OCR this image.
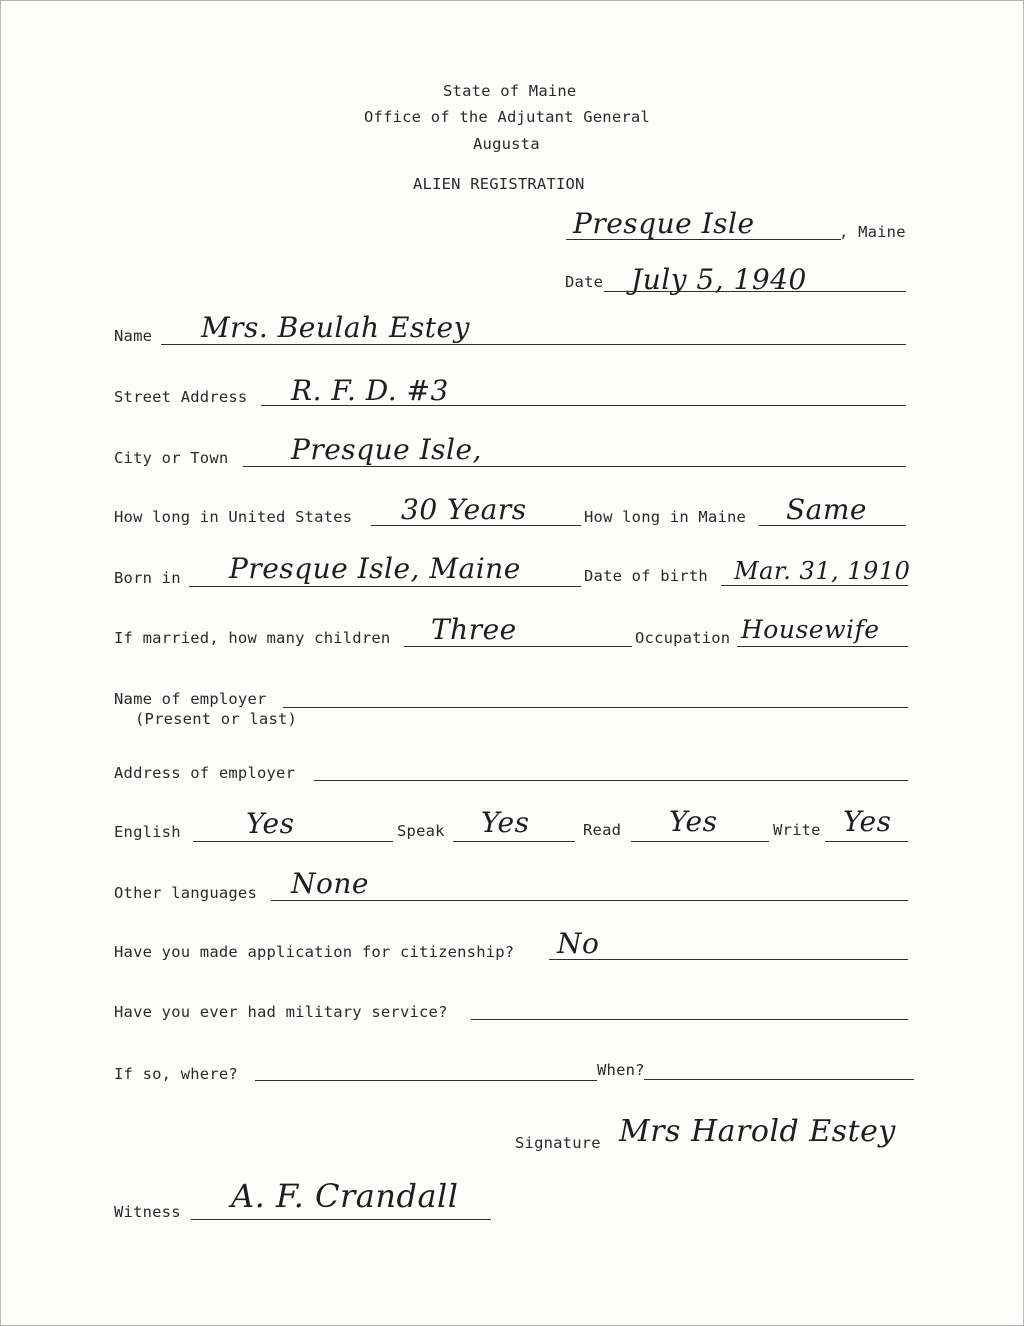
State of Maine
Office of the Adjutant General
Augusta
ALIEN REGISTRATION
Presque Isle	, Maine
Date July 5, 1940
Name Mrs. Beulah Estey
Street Address R. F. D. #3
City or Town Presque Isle,
How long in United States 30 Years	How long in Maine Same
Born in Presque Isle, Maine	Date of birth Mar. 31, 1910
If married, how many children Three	Occupation Housewife
Name of employer
(Present or last)
Address of employer
English Yes	Speak Yes	Read Yes	Write Yes
Other languages None
Have you made application for citizenship? No
Have you ever had military service?
If so, where?	When?
Signature Mrs Harold Estey
Witness A. F. Crandall
